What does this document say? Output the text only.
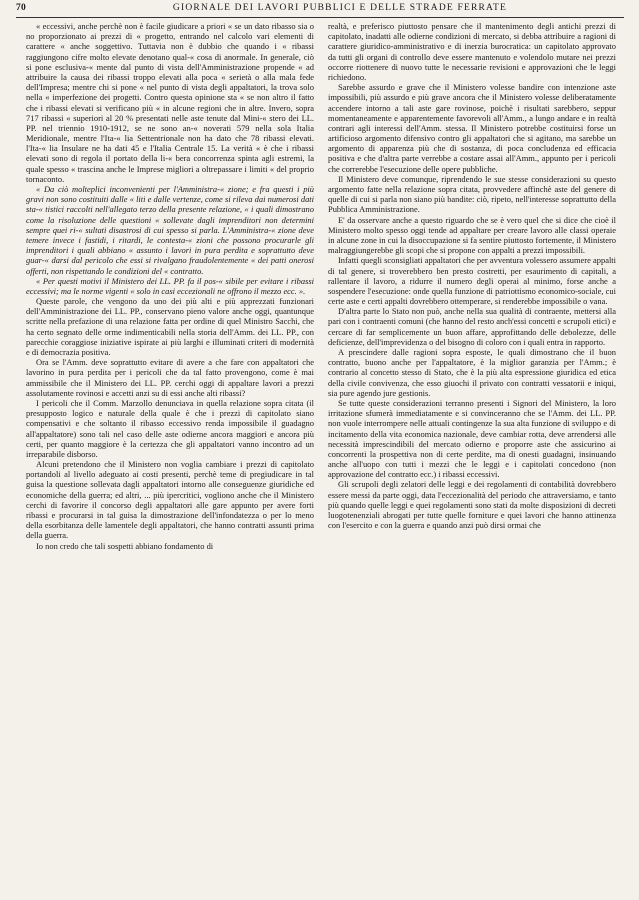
70	GIORNALE DEI LAVORI PUBBLICI E DELLE STRADE FERRATE

« eccessivi, anche perchè non è facile giudicare a priori « se un dato ribasso sia o no proporzionato ai prezzi di « progetto, entrando nel calcolo vari elementi di carattere « anche soggettivo. Tuttavia non è dubbio che quando i « ribassi raggiungono cifre molto elevate denotano qual-« cosa di anormale. In generale, ciò si pone esclusiva-« mente dal punto di vista dell'Amministrazione propende « ad attribuire la causa dei ribassi troppo elevati alla poca « serietà o alla mala fede dell'Impresa; mentre chi si pone « nel punto di vista degli appaltatori, la trova solo nella « imperfezione dei progetti. Contro questa opinione sta « se non altro il fatto che i ribassi elevati si verificano più « in alcune regioni che in altre. Invero, sopra 717 ribassi « superiori al 20 % presentati nelle aste tenute dal Mini-« stero dei LL. PP. nel triennio 1910-1912, se ne sono an-« noverati 579 nella sola Italia Meridionale, mentre l'Ita-« lia Settentrionale non ha dato che 78 ribassi elevati. l'Ita-« lia Insulare ne ha dati 45 e l'Italia Centrale 15. La verità « è che i ribassi elevati sono di regola il portato della li-« bera concorrenza spinta agli estremi, la quale spesso « trascina anche le Imprese migliori a oltrepassare i limiti « del proprio tornaconto.

« Da ciò molteplici inconvenienti per l'Amministra-« zione; e fra questi i più gravi non sono costituiti dalle « liti e dalle vertenze, come si rileva dai numerosi dati sta-« tistici raccolti nell'allegato terzo della presente relazione, « i quali dimostrano come la risoluzione delle questioni « sollevate dagli imprenditori non determini sempre quei ri-« sultati disastrosi di cui spesso si parla. L'Amministra-« zione deve temere invece i fastidi, i ritardi, le contesta-« zioni che possono procurarle gli imprenditori i quali abbiano « assunto i lavori in pura perdita e soprattutto deve guar-« darsi dal pericolo che essi si rivalgano fraudolentemente « dei patti onerosi offerti, non rispettando le condizioni del « contratto.

« Per questi motivi il Ministero dei LL. PP. fa il pos-« sibile per evitare i ribassi eccessivi; ma le norme vigenti « solo in casi eccezionali ne offrono il mezzo ecc. ».

Queste parole, che vengono da uno dei più alti e più apprezzati funzionari dell'Amministrazione dei LL. PP., conservano pieno valore anche oggi, quantunque scritte nella prefazione di una relazione fatta per ordine di quel Ministro Sacchi, che ha certo segnato delle orme indimenticabili nella storia dell'Amm. dei LL. PP., con parecchie coraggiose iniziative ispirate ai più larghi e illuminati criteri di modernità e di democrazia positiva.

Ora se l'Amm. deve soprattutto evitare di avere a che fare con appaltatori che lavorino in pura perdita per i pericoli che da tal fatto provengono, come è mai ammissibile che il Ministero dei LL. PP. cerchi oggi di appaltare lavori a prezzi assolutamente rovinosi e accetti anzi su di essi anche alti ribassi?

I pericoli che il Comm. Marzollo denunciava in quella relazione sopra citata (il presupposto logico e naturale della quale è che i prezzi di capitolato siano compensativi e che soltanto il ribasso eccessivo renda impossibile il guadagno all'appaltatore) sono tali nel caso delle aste odierne ancora maggiori e ancora più certi, per quanto maggiore è la certezza che gli appaltatori vanno incontro ad un irreparabile disborso.

Alcuni pretendono che il Ministero non voglia cambiare i prezzi di capitolato portandoli al livello adeguato ai costi presenti, perchè teme di pregiudicare in tal guisa la questione sollevata dagli appaltatori intorno alle conseguenze giuridiche ed economiche della guerra; ed altri, ... più ipercritici, vogliono anche che il Ministero cerchi di favorire il concorso degli appaltatori alle gare appunto per avere forti ribassi e procurarsi in tal guisa la dimostrazione dell'infondatezza o per lo meno della esorbitanza delle lamentele degli appaltatori, che hanno contratti assunti prima della guerra.

Io non credo che tali sospetti abbiano fondamento di

realtà, e preferisco piuttosto pensare che il mantenimento degli antichi prezzi di capitolato, inadatti alle odierne condizioni di mercato, si debba attribuire a ragioni di carattere giuridico-amministrativo e di inerzia burocratica: un capitolato approvato da tutti gli organi di controllo deve essere mantenuto e volendolo mutare nei prezzi occorre riottenere di nuovo tutte le necessarie revisioni e approvazioni che le leggi richiedono.

Sarebbe assurdo e grave che il Ministero volesse bandire con intenzione aste impossibili, più assurdo e più grave ancora che il Ministero volesse deliberatamente accendere intorno a tali aste gare rovinose, poichè i risultati sarebbero, seppur momentaneamente e apparentemente favorevoli all'Amm., a lungo andare e in realtà contrari agli interessi dell'Amm. stessa. Il Ministero potrebbe costituirsi forse un artificioso argomento difensivo contro gli appaltatori che si agitano, ma sarebbe un argomento di apparenza più che di sostanza, di poca concludenza ed efficacia positiva e che d'altra parte verrebbe a costare assai all'Amm., appunto per i pericoli che correrebbe l'esecuzione delle opere pubbliche.

Il Ministero deve comunque, riprendendo le sue stesse considerazioni su questo argomento fatte nella relazione sopra citata, provvedere affinchè aste del genere di quelle di cui si parla non siano più bandite: ciò, ripeto, nell'interesse soprattutto della Pubblica Amministrazione.

E' da osservare anche a questo riguardo che se è vero quel che si dice che cioè il Ministero molto spesso oggi tende ad appaltare per creare lavoro alle classi operaie in alcune zone in cui la disoccupazione si fa sentire piuttosto fortemente, il Ministero malraggiungerebbe gli scopi che si propone con appalti a prezzi impossibili.

Infatti quegli sconsigliati appaltatori che per avventura volessero assumere appalti di tal genere, si troverebbero ben presto costretti, per esaurimento di capitali, a rallentare il lavoro, a ridurre il numero degli operai al minimo, forse anche a sospendere l'esecuzione: onde quella funzione di patriottismo economico-sociale, cui certe aste e certi appalti dovrebbero ottemperare, si renderebbe impossibile o vana.

D'altra parte lo Stato non può, anche nella sua qualità di contraente, mettersi alla pari con i contraenti comuni (che hanno del resto anch'essi concetti e scrupoli etici) e cercare di far semplicemente un buon affare, approfittando delle debolezze, delle deficienze, dell'imprevidenza o del bisogno di coloro con i quali entra in rapporto.

A prescindere dalle ragioni sopra esposte, le quali dimostrano che il buon contratto, buono anche per l'appaltatore, è la miglior garanzia per l'Amm.; è contrario al concetto stesso di Stato, che è la più alta espressione giuridica ed etica della civile convivenza, che esso giuochi il privato con contratti vessatorii e iniqui, sia pure agendo jure gestionis.

Se tutte queste considerazioni terranno presenti i Signori del Ministero, la loro irritazione sfumerà immediatamente e si convinceranno che se l'Amm. dei LL. PP. non vuole interrompere nelle attuali contingenze la sua alta funzione di sviluppo e di incitamento della vita economica nazionale, deve cambiar rotta, deve arrendersi alle necessità imprescindibili del mercato odierno e proporre aste che assicurino ai concorrenti la prospettiva non di certe perdite, ma di onesti guadagni, insinuando anche all'uopo con tutti i mezzi che le leggi e i capitolati concedono (non approvazione del contratto ecc.) i ribassi eccessivi.

Gli scrupoli degli zelatori delle leggi e dei regolamenti di contabilità dovrebbero essere messi da parte oggi, data l'eccezionalità del periodo che attraversiamo, e tanto più quando quelle leggi e quei regolamenti sono stati da molte disposizioni di decreti luogotenenziali abrogati per tutte quelle forniture e quei lavori che hanno attinenza con l'esercito e con la guerra e quando anzi può dirsi ormai che
